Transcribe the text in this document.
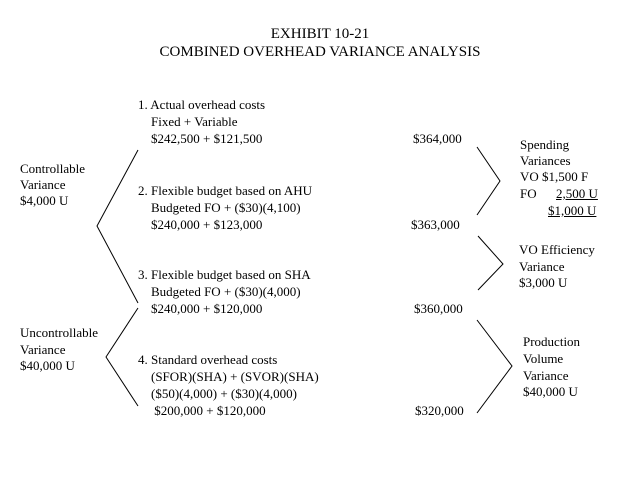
EXHIBIT 10-21
COMBINED OVERHEAD VARIANCE ANALYSIS
Controllable
Variance
$4,000 U
Uncontrollable
Variance
$40,000 U
1. Actual overhead costs
Fixed + Variable
$242,500 + $121,500	$364,000
2. Flexible budget based on AHU
Budgeted FO + ($30)(4,100)
$240,000 + $123,000	$363,000
3. Flexible budget based on SHA
Budgeted FO + ($30)(4,000)
$240,000 + $120,000	$360,000
4. Standard overhead costs
(SFOR)(SHA) + (SVOR)(SHA)
($50)(4,000) + ($30)(4,000)
$200,000 + $120,000	$320,000
Spending
Variances
VO $1,500 F
FO 2,500 U
$1,000 U
VO Efficiency
Variance
$3,000 U
Production
Volume
Variance
$40,000 U
